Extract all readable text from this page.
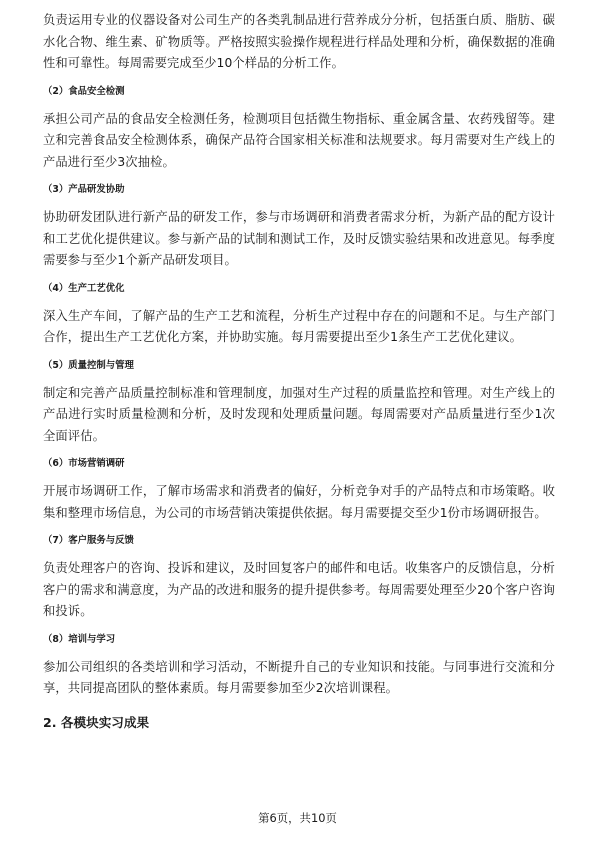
负责运用专业的仪器设备对公司生产的各类乳制品进行营养成分分析，包括蛋白质、脂肪、碳水化合物、维生素、矿物质等。严格按照实验操作规程进行样品处理和分析，确保数据的准确性和可靠性。每周需要完成至少10个样品的分析工作。

（2）食品安全检测

承担公司产品的食品安全检测任务，检测项目包括微生物指标、重金属含量、农药残留等。建立和完善食品安全检测体系，确保产品符合国家相关标准和法规要求。每月需要对生产线上的产品进行至少3次抽检。

（3）产品研发协助

协助研发团队进行新产品的研发工作，参与市场调研和消费者需求分析，为新产品的配方设计和工艺优化提供建议。参与新产品的试制和测试工作，及时反馈实验结果和改进意见。每季度需要参与至少1个新产品研发项目。

（4）生产工艺优化

深入生产车间，了解产品的生产工艺和流程，分析生产过程中存在的问题和不足。与生产部门合作，提出生产工艺优化方案，并协助实施。每月需要提出至少1条生产工艺优化建议。

（5）质量控制与管理

制定和完善产品质量控制标准和管理制度，加强对生产过程的质量监控和管理。对生产线上的产品进行实时质量检测和分析，及时发现和处理质量问题。每周需要对产品质量进行至少1次全面评估。

（6）市场营销调研

开展市场调研工作，了解市场需求和消费者的偏好，分析竞争对手的产品特点和市场策略。收集和整理市场信息，为公司的市场营销决策提供依据。每月需要提交至少1份市场调研报告。

（7）客户服务与反馈

负责处理客户的咨询、投诉和建议，及时回复客户的邮件和电话。收集客户的反馈信息，分析客户的需求和满意度，为产品的改进和服务的提升提供参考。每周需要处理至少20个客户咨询和投诉。

（8）培训与学习

参加公司组织的各类培训和学习活动，不断提升自己的专业知识和技能。与同事进行交流和分享，共同提高团队的整体素质。每月需要参加至少2次培训课程。

2. 各模块实习成果

第6页，共10页
